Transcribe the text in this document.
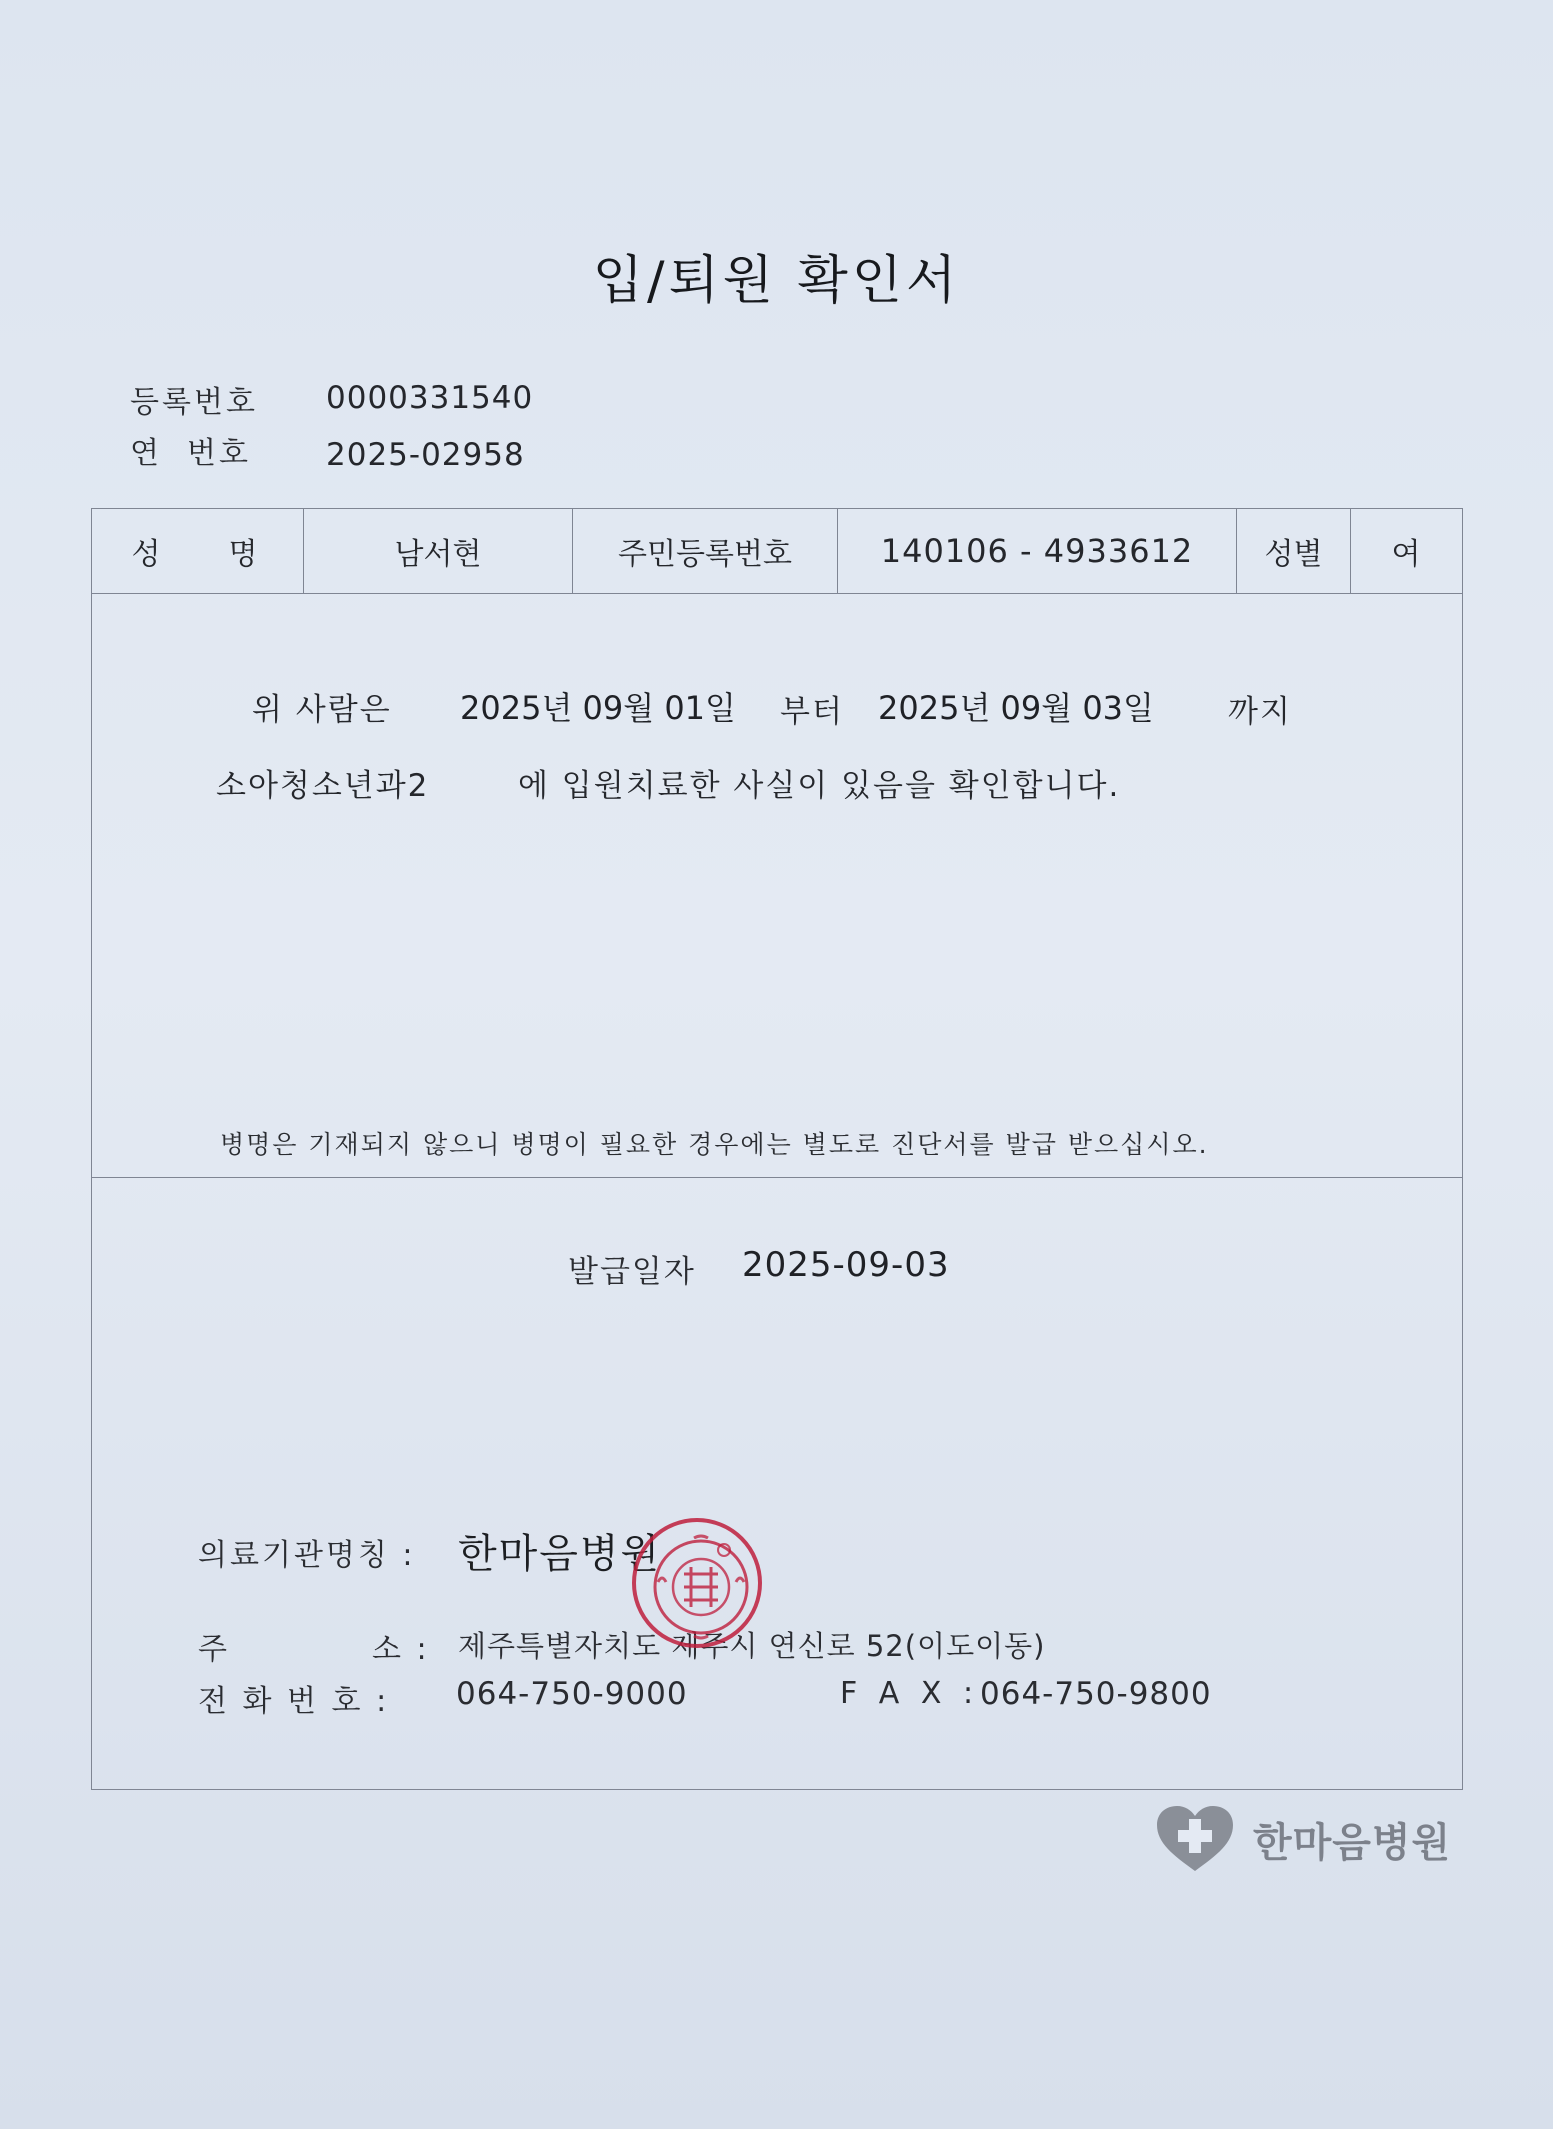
입/퇴원 확인서
등록번호 0000331540
연  번호 2025-02958
성    명	남서현	주민등록번호	140106 - 4933612	성별	여
위 사람은 2025년 09월 01일 부터 2025년 09월 03일 까지
소아청소년과2	에 입원치료한 사실이 있음을 확인합니다.
병명은 기재되지 않으니 병명이 필요한 경우에는 별도로 진단서를 발급 받으십시오.
발급일자 2025-09-03
의료기관명칭 : 한마음병원
주	소 : 제주특별자치도 제주시 연신로 52(이도이동)
전 화 번 호 : 064-750-9000	F A X : 064-750-9800
한마음병원
